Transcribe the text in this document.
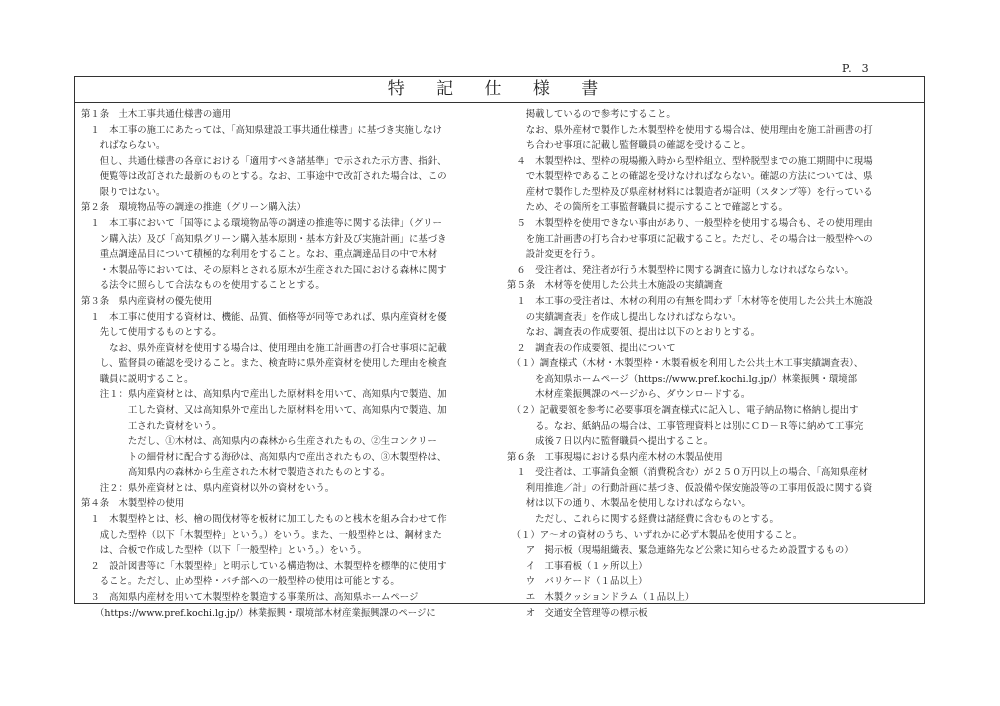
P.  3
特 記 仕 様 書
第１条　土木工事共通仕様書の適用
　１　本工事の施工にあたっては、「高知県建設工事共通仕様書」に基づき実施しなけ
　　ればならない。
　　但し、共通仕様書の各章における「適用すべき諸基準」で示された示方書、指針、
　　便覧等は改訂された最新のものとする。なお、工事途中で改訂された場合は、この
　　限りではない。
第２条　環境物品等の調達の推進（グリーン購入法）
　１　本工事において「国等による環境物品等の調達の推進等に関する法律」（グリー
　　ン購入法）及び「高知県グリーン購入基本原則・基本方針及び実施計画」に基づき
　　重点調達品目について積極的な利用をすること。なお、重点調達品目の中で木材
　　・木製品等においては、その原料とされる原木が生産された国における森林に関す
　　る法令に照らして合法なものを使用することとする。
第３条　県内産資材の優先使用
　１　本工事に使用する資材は、機能、品質、価格等が同等であれば、県内産資材を優
　　先して使用するものとする。
　　　なお、県外産資材を使用する場合は、使用理由を施工計画書の打合せ事項に記載
　　し、監督員の確認を受けること。また、検査時に県外産資材を使用した理由を検査
　　職員に説明すること。
　　注１：県内産資材とは、高知県内で産出した原材料を用いて、高知県内で製造、加
　　　　　工した資材、又は高知県外で産出した原材料を用いて、高知県内で製造、加
　　　　　工された資材をいう。
　　　　　ただし、①木材は、高知県内の森林から生産されたもの、②生コンクリー
　　　　　トの細骨材に配合する海砂は、高知県内で産出されたもの、③木製型枠は、
　　　　　高知県内の森林から生産された木材で製造されたものとする。
　　注２：県外産資材とは、県内産資材以外の資材をいう。
第４条　木製型枠の使用
　１　木製型枠とは、杉、檜の間伐材等を板材に加工したものと桟木を組み合わせて作
　　成した型枠（以下「木製型枠」という。）をいう。また、一般型枠とは、鋼材また
　　は、合板で作成した型枠（以下「一般型枠」という。）をいう。
　２　設計図書等に「木製型枠」と明示している構造物は、木製型枠を標準的に使用す
　　ること。ただし、止め型枠・バチ部への一般型枠の使用は可能とする。
　３　高知県内産材を用いて木製型枠を製造する事業所は、高知県ホームページ
　　（https://www.pref.kochi.lg.jp/）林業振興・環境部木材産業振興課のページに
　　掲載しているので参考にすること。
　　なお、県外産材で製作した木製型枠を使用する場合は、使用理由を施工計画書の打
　　ち合わせ事項に記載し監督職員の確認を受けること。
　４　木製型枠は、型枠の現場搬入時から型枠組立、型枠脱型までの施工期間中に現場
　　で木製型枠であることの確認を受けなければならない。確認の方法については、県
　　産材で製作した型枠及び県産材材料には製造者が証明（スタンプ等）を行っている
　　ため、その箇所を工事監督職員に提示することで確認とする。
　５　木製型枠を使用できない事由があり、一般型枠を使用する場合も、その使用理由
　　を施工計画書の打ち合わせ事項に記載すること。ただし、その場合は一般型枠への
　　設計変更を行う。
　６　受注者は、発注者が行う木製型枠に関する調査に協力しなければならない。
第５条　木材等を使用した公共土木施設の実績調査
　１　本工事の受注者は、木材の利用の有無を問わず「木材等を使用した公共土木施設
　　の実績調査表」を作成し提出しなければならない。
　　なお、調査表の作成要領、提出は以下のとおりとする。
　２　調査表の作成要領、提出について
　（１）調査様式（木材・木製型枠・木製看板を利用した公共土木工事実績調査表）、
　　　を高知県ホームページ（https://www.pref.kochi.lg.jp/）林業振興・環境部
　　　木材産業振興課のページから、ダウンロードする。
　（２）記載要領を参考に必要事項を調査様式に記入し、電子納品物に格納し提出す
　　　る。なお、紙納品の場合は、工事管理資料とは別にＣＤ－Ｒ等に納めて工事完
　　　成後７日以内に監督職員へ提出すること。
第６条　工事現場における県内産木材の木製品使用
　１　受注者は、工事請負金額（消費税含む）が２５０万円以上の場合、「高知県産材
　　利用推進／計」の行動計画に基づき、仮設備や保安施設等の工事用仮設に関する資
　　材は以下の通り、木製品を使用しなければならない。
　　　ただし、これらに関する経費は諸経費に含むものとする。
　（１）ア～オの資材のうち、いずれかに必ず木製品を使用すること。
　　ア　掲示板（現場組織表、緊急連絡先など公衆に知らせるため設置するもの）
　　イ　工事看板（１ヶ所以上）
　　ウ　バリケード（１品以上）
　　エ　木製クッションドラム（１品以上）
　　オ　交通安全管理等の標示板
